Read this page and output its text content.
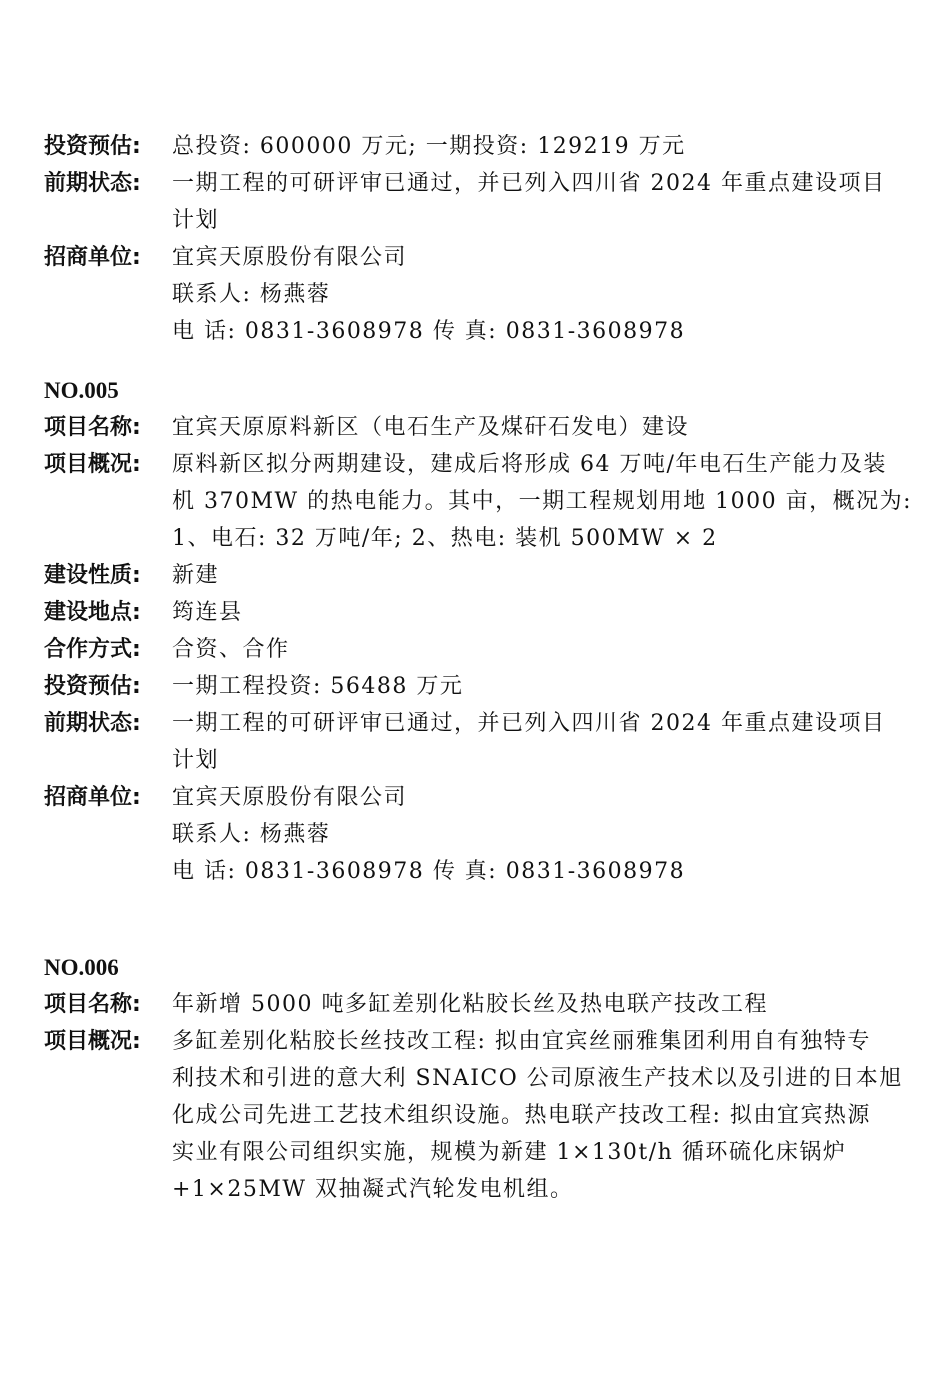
投资预估:	总投资: 600000 万元; 一期投资: 129219 万元
前期状态:	一期工程的可研评审已通过，并已列入四川省 2024 年重点建设项目
计划
招商单位:	宜宾天原股份有限公司
联系人: 杨燕蓉
电 话: 0831-3608978 传 真: 0831-3608978
NO.005
项目名称:	宜宾天原原料新区（电石生产及煤矸石发电）建设
项目概况:	原料新区拟分两期建设，建成后将形成 64 万吨/年电石生产能力及装
机 370MW 的热电能力。其中，一期工程规划用地 1000 亩，概况为:
1、电石: 32 万吨/年; 2、热电: 装机 500MW × 2
建设性质:	新建
建设地点:	筠连县
合作方式:	合资、合作
投资预估:	一期工程投资: 56488 万元
前期状态:	一期工程的可研评审已通过，并已列入四川省 2024 年重点建设项目
计划
招商单位:	宜宾天原股份有限公司
联系人: 杨燕蓉
电 话: 0831-3608978 传 真: 0831-3608978
NO.006
项目名称:	年新增 5000 吨多缸差别化粘胶长丝及热电联产技改工程
项目概况:	多缸差别化粘胶长丝技改工程: 拟由宜宾丝丽雅集团利用自有独特专
利技术和引进的意大利 SNAICO 公司原液生产技术以及引进的日本旭
化成公司先进工艺技术组织设施。热电联产技改工程: 拟由宜宾热源
实业有限公司组织实施，规模为新建 1×130t/h 循环硫化床锅炉
+1×25MW 双抽凝式汽轮发电机组。
